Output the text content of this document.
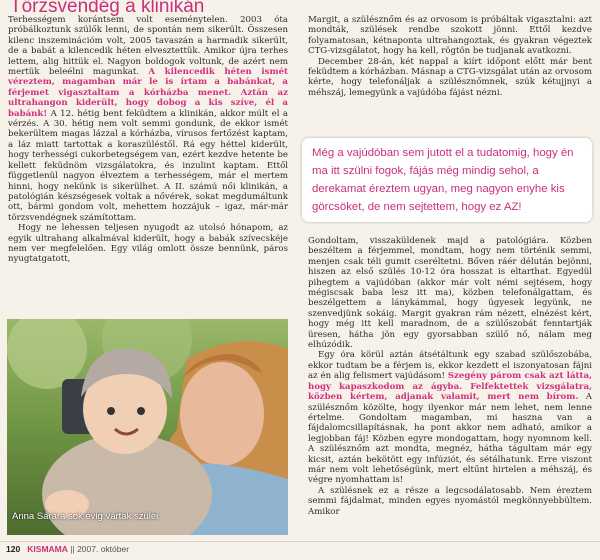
Törzsvendég a klinikán

Terhességem korántsem volt eseménytelen. 2003 óta próbálkoztunk szülők lenni, de spontán nem sikerült. Összesen kilenc inszeminációm volt, 2005 tavaszán a harmadik sikerült, de a babát a kilencedik héten elvesztettük. Amikor újra terhes lettem, alig hittük el. Nagyon boldogok voltunk, de azért nem mertük beleélni magunkat. A kilencedik héten ismét véreztem, magamban már le is írtam a babánkat, a férjemet vigasztaltam a kórházba menet. Aztán az ultrahangon kiderült, hogy dobog a kis szíve, él a babánk! A 12. hétig bent feküdtem a klinikán, akkor múlt el a vérzés. A 30. hétig nem volt semmi gondunk, de ekkor ismét bekerültem magas lázzal a kórházba, vírusos fertőzést kaptam, a láz miatt tartottak a koraszüléstől. Rá egy héttel kiderült, hogy terhességi cukorbetegségem van, ezért kezdve hetente be kellett feküdnöm vizsgálatokra, és inzulint kaptam. Ettől függetlenül nagyon élveztem a terhességem, már el mertem hinni, hogy nekünk is sikerülhet. A II. számú női klinikán, a patológián készségesek voltak a nővérek, sokat megdumáltunk ott, bármi gondom volt, mehettem hozzájuk – igaz, már-már törzsvendégnek számítottam.

Hogy ne lehessen teljesen nyugodt az utolsó hónapom, az egyik ultrahang alkalmával kiderült, hogy a babák szívecskéje nem ver megfelelően. Egy világ omlott össze bennünk, páros nyugtatgatott,

Margit, a szülésznőm és az orvosom is próbáltak vigasztalni: azt mondták, szülések rendbe szokott jönni. Ettől kezdve folyamatosan, kétnaponta ultrahangoztak, és gyakran végeztek CTG-vizsgálatot, hogy ha kell, rögtön be tudjanak avatkozni.

December 28-án, két nappal a kiírt időpont előtt már bent feküdtem a kórházban. Másnap a CTG-vizsgálat után az orvosom kérte, hogy telefonáljak a szülésznőmnek, szúk kétujjnyi a méhszáj, lemegyünk a vajúdóba fájást nézni.

Még a vajúdóban sem jutott el a tudatomig, hogy én ma itt szülni fogok, fájás még mindig sehol, a derekamat éreztem ugyan, meg nagyon enyhe kis görcsöket, de nem sejtettem, hogy ez AZ!

Gondoltam, visszaküldenek majd a patológiára. Közben beszéltem a férjemmel, mondtam, hogy nem történik semmi, menjen csak téli gumit cseréltetni. Bőven ráér délután bejönni, hiszen az első szülés 10-12 óra hosszat is eltarthat. Egyedül pihegtem a vajúdóban (akkor már volt némi sejtésem, hogy mégiscsak baba lesz itt ma), közben telefonálgattam, és beszélgettem a lánykámmal, hogy ügyesek legyünk, ne szenvedjünk sokáig. Margit gyakran rám nézett, elnézést kért, hogy még itt kell maradnom, de a szülőszobát fenntartják üresen, hátha jön egy gyorsabban szülő nő, nálam meg elhúzódik.

Egy óra körül aztán átsétáltunk egy szabad szülőszobába, ekkor tudtam be a férjem is, ekkor kezdett el iszonyatosan fájni az én alig felismert vajúdásom! Szegény párom csak azt látta, hogy kapaszkodom az ágyba. Felfektettek vizsgálatra, közben kértem, adjanak valamit, mert nem bírom. A szülésznőm közölte, hogy ilyenkor már nem lehet, nem lenne értelme. Gondoltam magamban, mi haszna van a fájdalomcsillapításnak, ha pont akkor nem adható, amikor a legjobban fáj! Közben egyre mondogattam, hogy nyomnom kell. A szülésznőm azt mondta, megnéz, hátha tágultam már egy kicsit, aztán bekötött egy infúziót, és sétálhatunk. Erre viszont már nem volt lehetőségünk, mert eltűnt hirtelen a méhszáj, és végre nyomhattam is!

A szülésnek ez a része a legcsodálatosabb. Nem éreztem semmi fájdalmat, minden egyes nyomástól megkönnyebbültem. Amikor

Anna Sárára sok évig vártak szülei
120 KISMAMA || 2007. október
